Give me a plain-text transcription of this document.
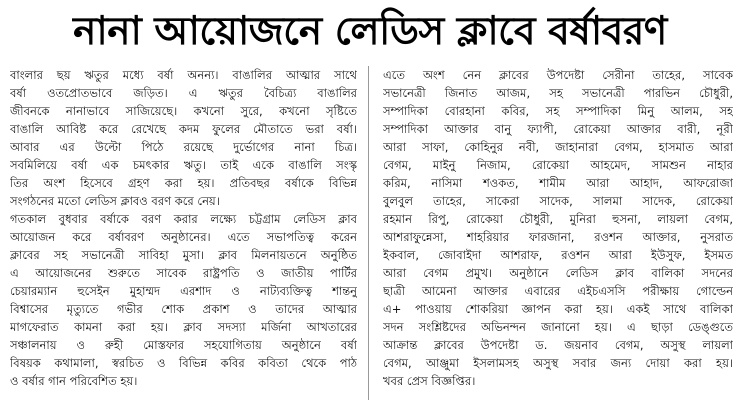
নানা আয়োজনে লেডিস ক্লাবে বর্ষাবরণ
বাংলার ছয় ঋতুর মধ্যে বর্ষা অনন্য। বাঙালির আত্মার সাথে
বর্ষা ওতপ্রোতভাবে জড়িত। এ ঋতুর বৈচিত্র্য বাঙালির
জীবনকে নানাভাবে সাজিয়েছে। কখনো সুরে, কখনো সৃষ্টিতে
বাঙালি আবিষ্ট করে রেখেছে কদম ফুলের মৌতাতে ভরা বর্ষা।
আবার এর উল্টো পিঠে রয়েছে দুর্ভোগের নানা চিত্র।
সবমিলিয়ে বর্ষা এক চমৎকার ঋতু। তাই একে বাঙালি সংস্কৃ
তির অংশ হিসেবে গ্রহণ করা হয়। প্রতিবছর বর্ষাকে বিভিন্ন
সংগঠনের মতো লেডিস ক্লাবও বরণ করে নেয়।
গতকাল বুধবার বর্ষাকে বরণ করার লক্ষ্যে চট্টগ্রাম লেডিস ক্লাব
আয়োজন করে বর্ষাবরণ অনুষ্ঠানের। এতে সভাপতিত্ব করেন
ক্লাবের সহ সভানেত্রী সাবিহা মুসা। ক্লাব মিলনায়তনে অনুষ্ঠিত
এ আয়োজনের শুরুতে সাবেক রাষ্ট্রপতি ও জাতীয় পার্টির
চেয়ারম্যান হুসেইন মুহাম্মদ এরশাদ ও নাট্যব্যক্তিত্ব শান্তনু
বিশ্বাসের মৃত্যুতে গভীর শোক প্রকাশ ও তাদের আত্মার
মাগফেরাত কামনা করা হয়। ক্লাব সদস্যা মর্জিনা আখতারের
সঞ্চালনায় ও রুহী মোস্তফার সহযোগিতায় অনুষ্ঠানে বর্ষা
বিষয়ক কথামালা, স্বরচিত ও বিভিন্ন কবির কবিতা থেকে পাঠ
ও বর্ষার গান পরিবেশিত হয়।
এতে অংশ নেন ক্লাবের উপদেষ্টা সেরীনা তাহের, সাবেক
সভানেত্রী জিনাত আজম, সহ সভানেত্রী পারভিন চৌধুরী,
সম্পাদিকা বোরহানা কবির, সহ সম্পাদিকা মিনু আলম, সহ
সম্পাদিকা আক্তার বানু ফ্যাপী, রোকেয়া আক্তার বারী, নূরী
আরা সাফা, কোহিনুর নবী, জাহানারা বেগম, হাসমাত আরা
বেগম, মাইনু নিজাম, রোকেয়া আহমেদ, সামশুন নাহার
করিম, নাসিমা শওকত, শামীম আরা আহাদ, আফরোজা
বুলবুল তাহের, সাকেরা সাদেক, সালমা সাদেক, রোকেয়া
রহমান রিপু, রোকেয়া চৌধুরী, মুনিরা হুসনা, লায়লা বেগম,
আশরাফুন্নেসা, শাহরিয়ার ফারজানা, রওশন আক্তার, নুসরাত
ইকবাল, জোবাইদা আশরাফ, রওশন আরা ইউসুফ, ইসমত
আরা বেগম প্রমুখ। অনুষ্ঠানে লেডিস ক্লাব বালিকা সদনের
ছাত্রী আমেনা আক্তার এবারের এইচএসসি পরীক্ষায় গোল্ডেন
এ+ পাওয়ায় শোকরিয়া জ্ঞাপন করা হয়। একই সাথে বালিকা
সদন সংশ্লিষ্টদের অভিনন্দন জানানো হয়। এ ছাড়া ডেঙ্গুতে
আক্রান্ত ক্লাবের উপদেষ্টা ড. জয়নাব বেগম, অসুস্থ লায়লা
বেগম, আঞ্জুমা ইসলামসহ অসুস্থ সবার জন্য দোয়া করা হয়।
খবর প্রেস বিজ্ঞপ্তির।
